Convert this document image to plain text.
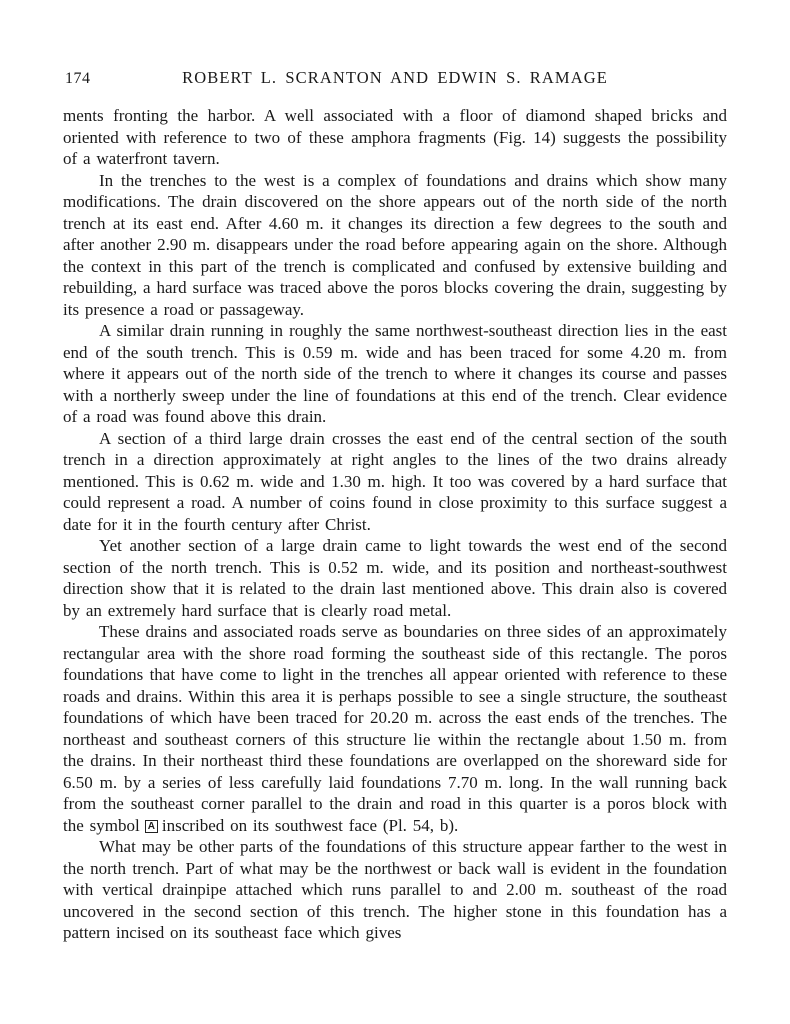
174	ROBERT L. SCRANTON AND EDWIN S. RAMAGE

ments fronting the harbor. A well associated with a floor of diamond shaped bricks and oriented with reference to two of these amphora fragments (Fig. 14) suggests the possibility of a waterfront tavern.

In the trenches to the west is a complex of foundations and drains which show many modifications. The drain discovered on the shore appears out of the north side of the north trench at its east end. After 4.60 m. it changes its direction a few degrees to the south and after another 2.90 m. disappears under the road before appearing again on the shore. Although the context in this part of the trench is complicated and confused by extensive building and rebuilding, a hard surface was traced above the poros blocks covering the drain, suggesting by its presence a road or passageway.

A similar drain running in roughly the same northwest-southeast direction lies in the east end of the south trench. This is 0.59 m. wide and has been traced for some 4.20 m. from where it appears out of the north side of the trench to where it changes its course and passes with a northerly sweep under the line of foundations at this end of the trench. Clear evidence of a road was found above this drain.

A section of a third large drain crosses the east end of the central section of the south trench in a direction approximately at right angles to the lines of the two drains already mentioned. This is 0.62 m. wide and 1.30 m. high. It too was covered by a hard surface that could represent a road. A number of coins found in close proximity to this surface suggest a date for it in the fourth century after Christ.

Yet another section of a large drain came to light towards the west end of the second section of the north trench. This is 0.52 m. wide, and its position and northeast-southwest direction show that it is related to the drain last mentioned above. This drain also is covered by an extremely hard surface that is clearly road metal.

These drains and associated roads serve as boundaries on three sides of an approximately rectangular area with the shore road forming the southeast side of this rectangle. The poros foundations that have come to light in the trenches all appear oriented with reference to these roads and drains. Within this area it is perhaps possible to see a single structure, the southeast foundations of which have been traced for 20.20 m. across the east ends of the trenches. The northeast and southeast corners of this structure lie within the rectangle about 1.50 m. from the drains. In their northeast third these foundations are overlapped on the shoreward side for 6.50 m. by a series of less carefully laid foundations 7.70 m. long. In the wall running back from the southeast corner parallel to the drain and road in this quarter is a poros block with the symbol A inscribed on its southwest face (Pl. 54, b).

What may be other parts of the foundations of this structure appear farther to the west in the north trench. Part of what may be the northwest or back wall is evident in the foundation with vertical drainpipe attached which runs parallel to and 2.00 m. southeast of the road uncovered in the second section of this trench. The higher stone in this foundation has a pattern incised on its southeast face which gives
